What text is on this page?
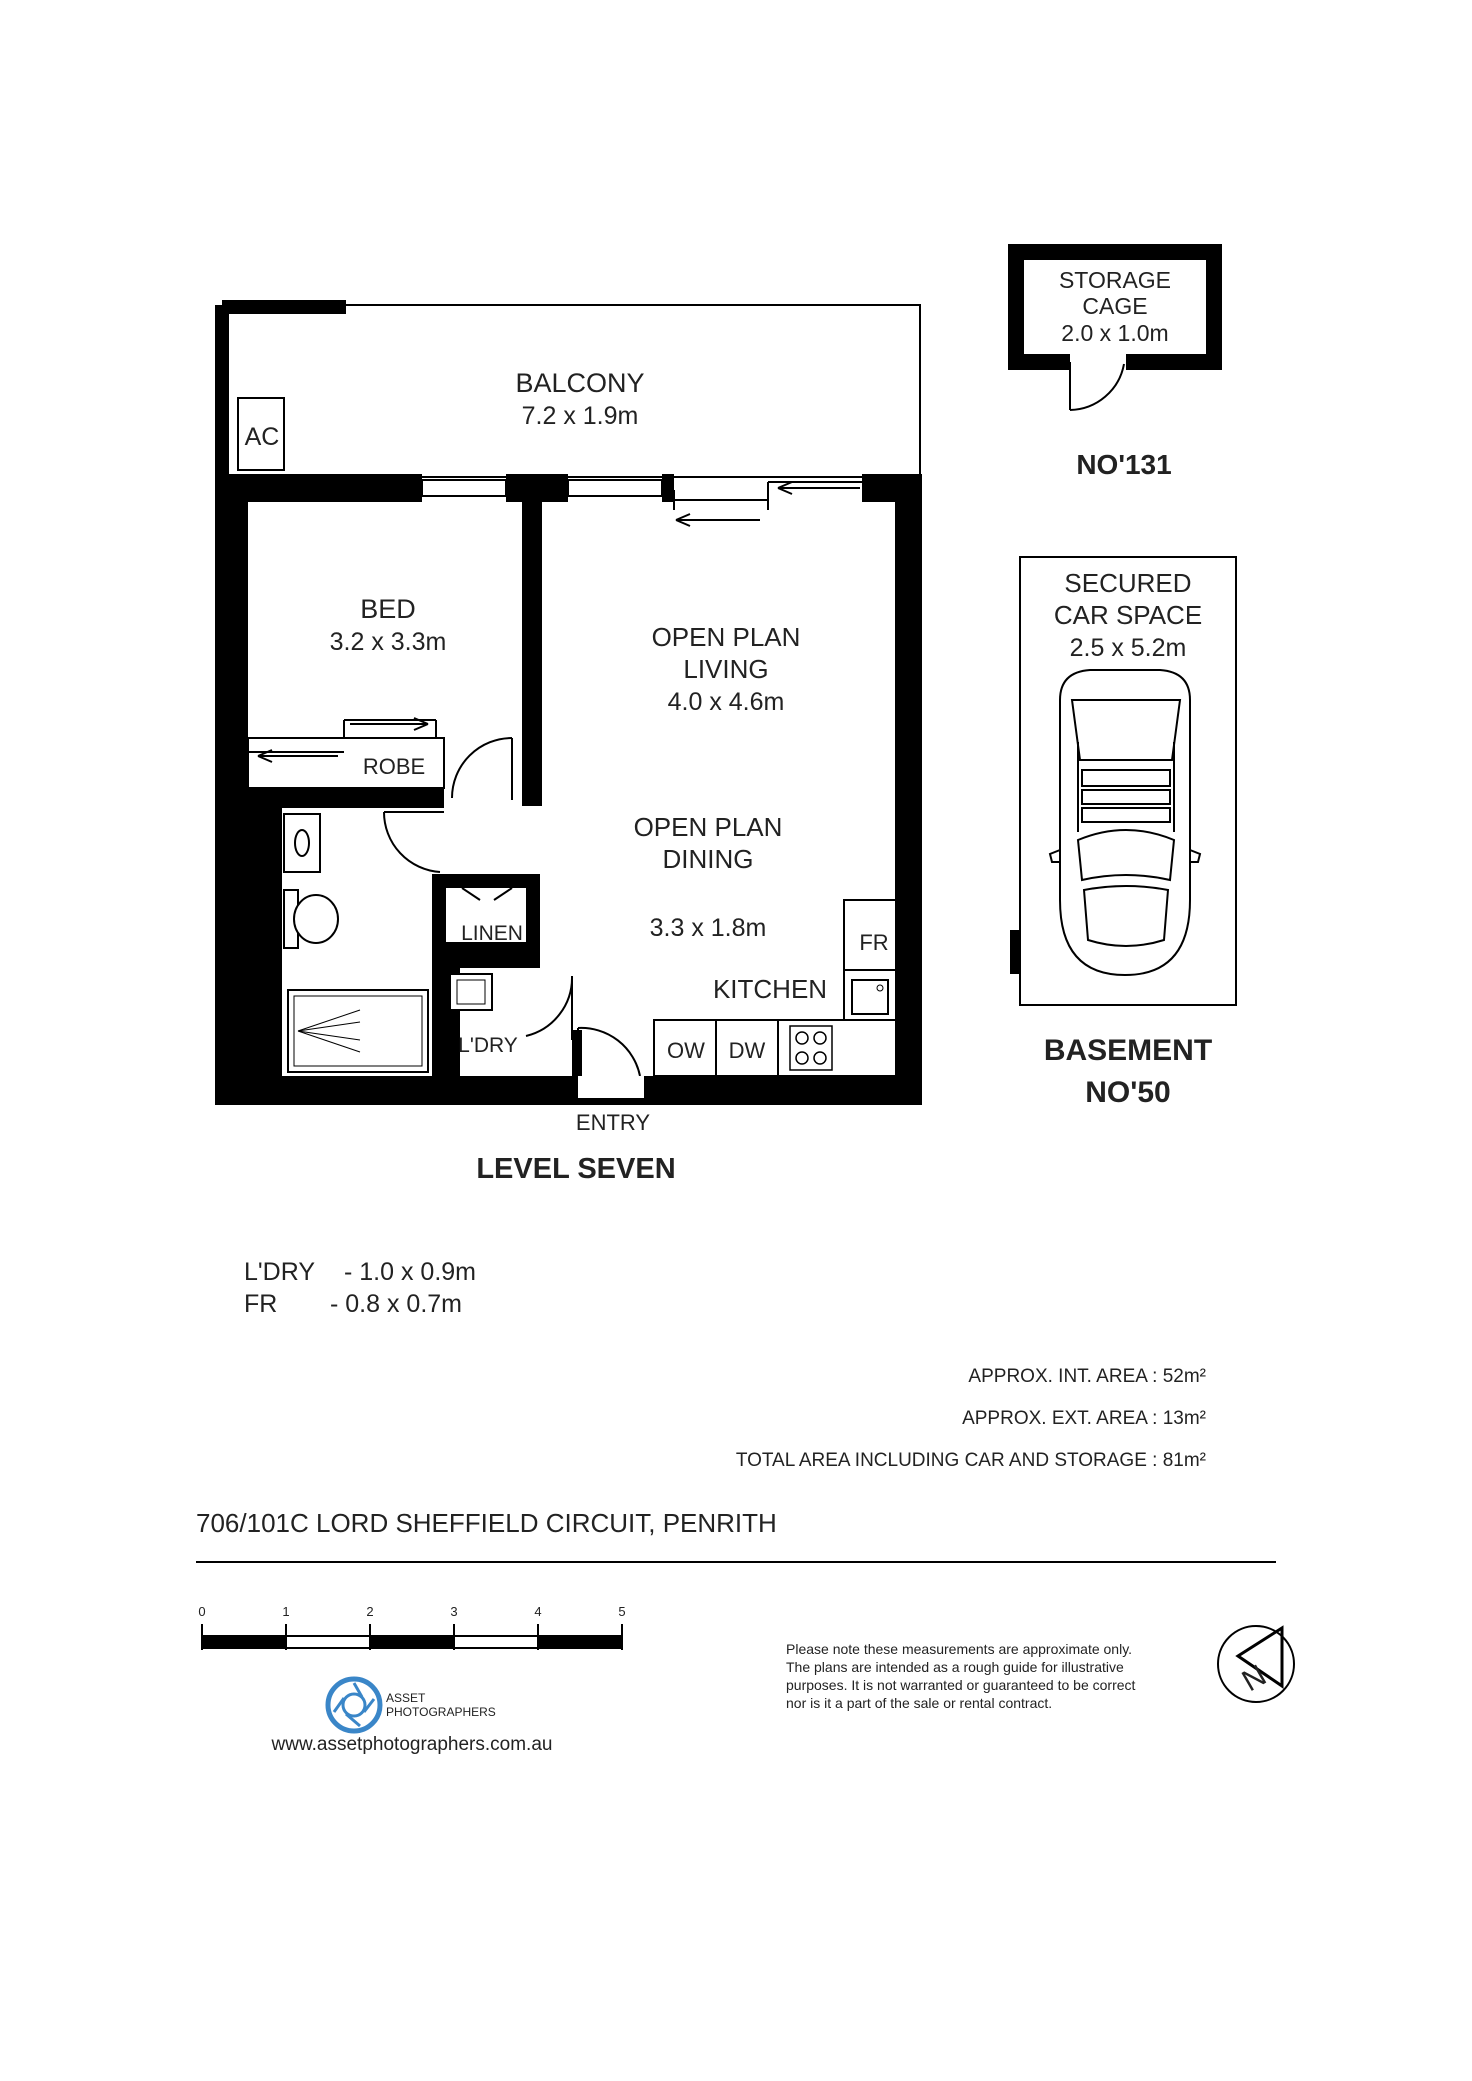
BALCONY
7.2 x 1.9m
AC
BED
3.2 x 3.3m
ROBE
OPEN PLAN
LIVING
4.0 x 4.6m
OPEN PLAN
DINING
3.3 x 1.8m
LINEN
L'DRY
KITCHEN
FR
OW DW
ENTRY
LEVEL SEVEN
STORAGE
CAGE
2.0 x 1.0m
NO'131
SECURED
CAR SPACE
2.5 x 5.2m
BASEMENT
NO'50
L'DRY - 1.0 x 0.9m
FR - 0.8 x 0.7m
APPROX. INT. AREA : 52m²
APPROX. EXT. AREA : 13m²
TOTAL AREA INCLUDING CAR AND STORAGE : 81m²
706/101C LORD SHEFFIELD CIRCUIT, PENRITH
0	1	2	3	4	5
ASSET
PHOTOGRAPHERS
www.assetphotographers.com.au
Please note these measurements are approximate only.
The plans are intended as a rough guide for illustrative
purposes. It is not warranted or guaranteed to be correct
nor is it a part of the sale or rental contract.
N
